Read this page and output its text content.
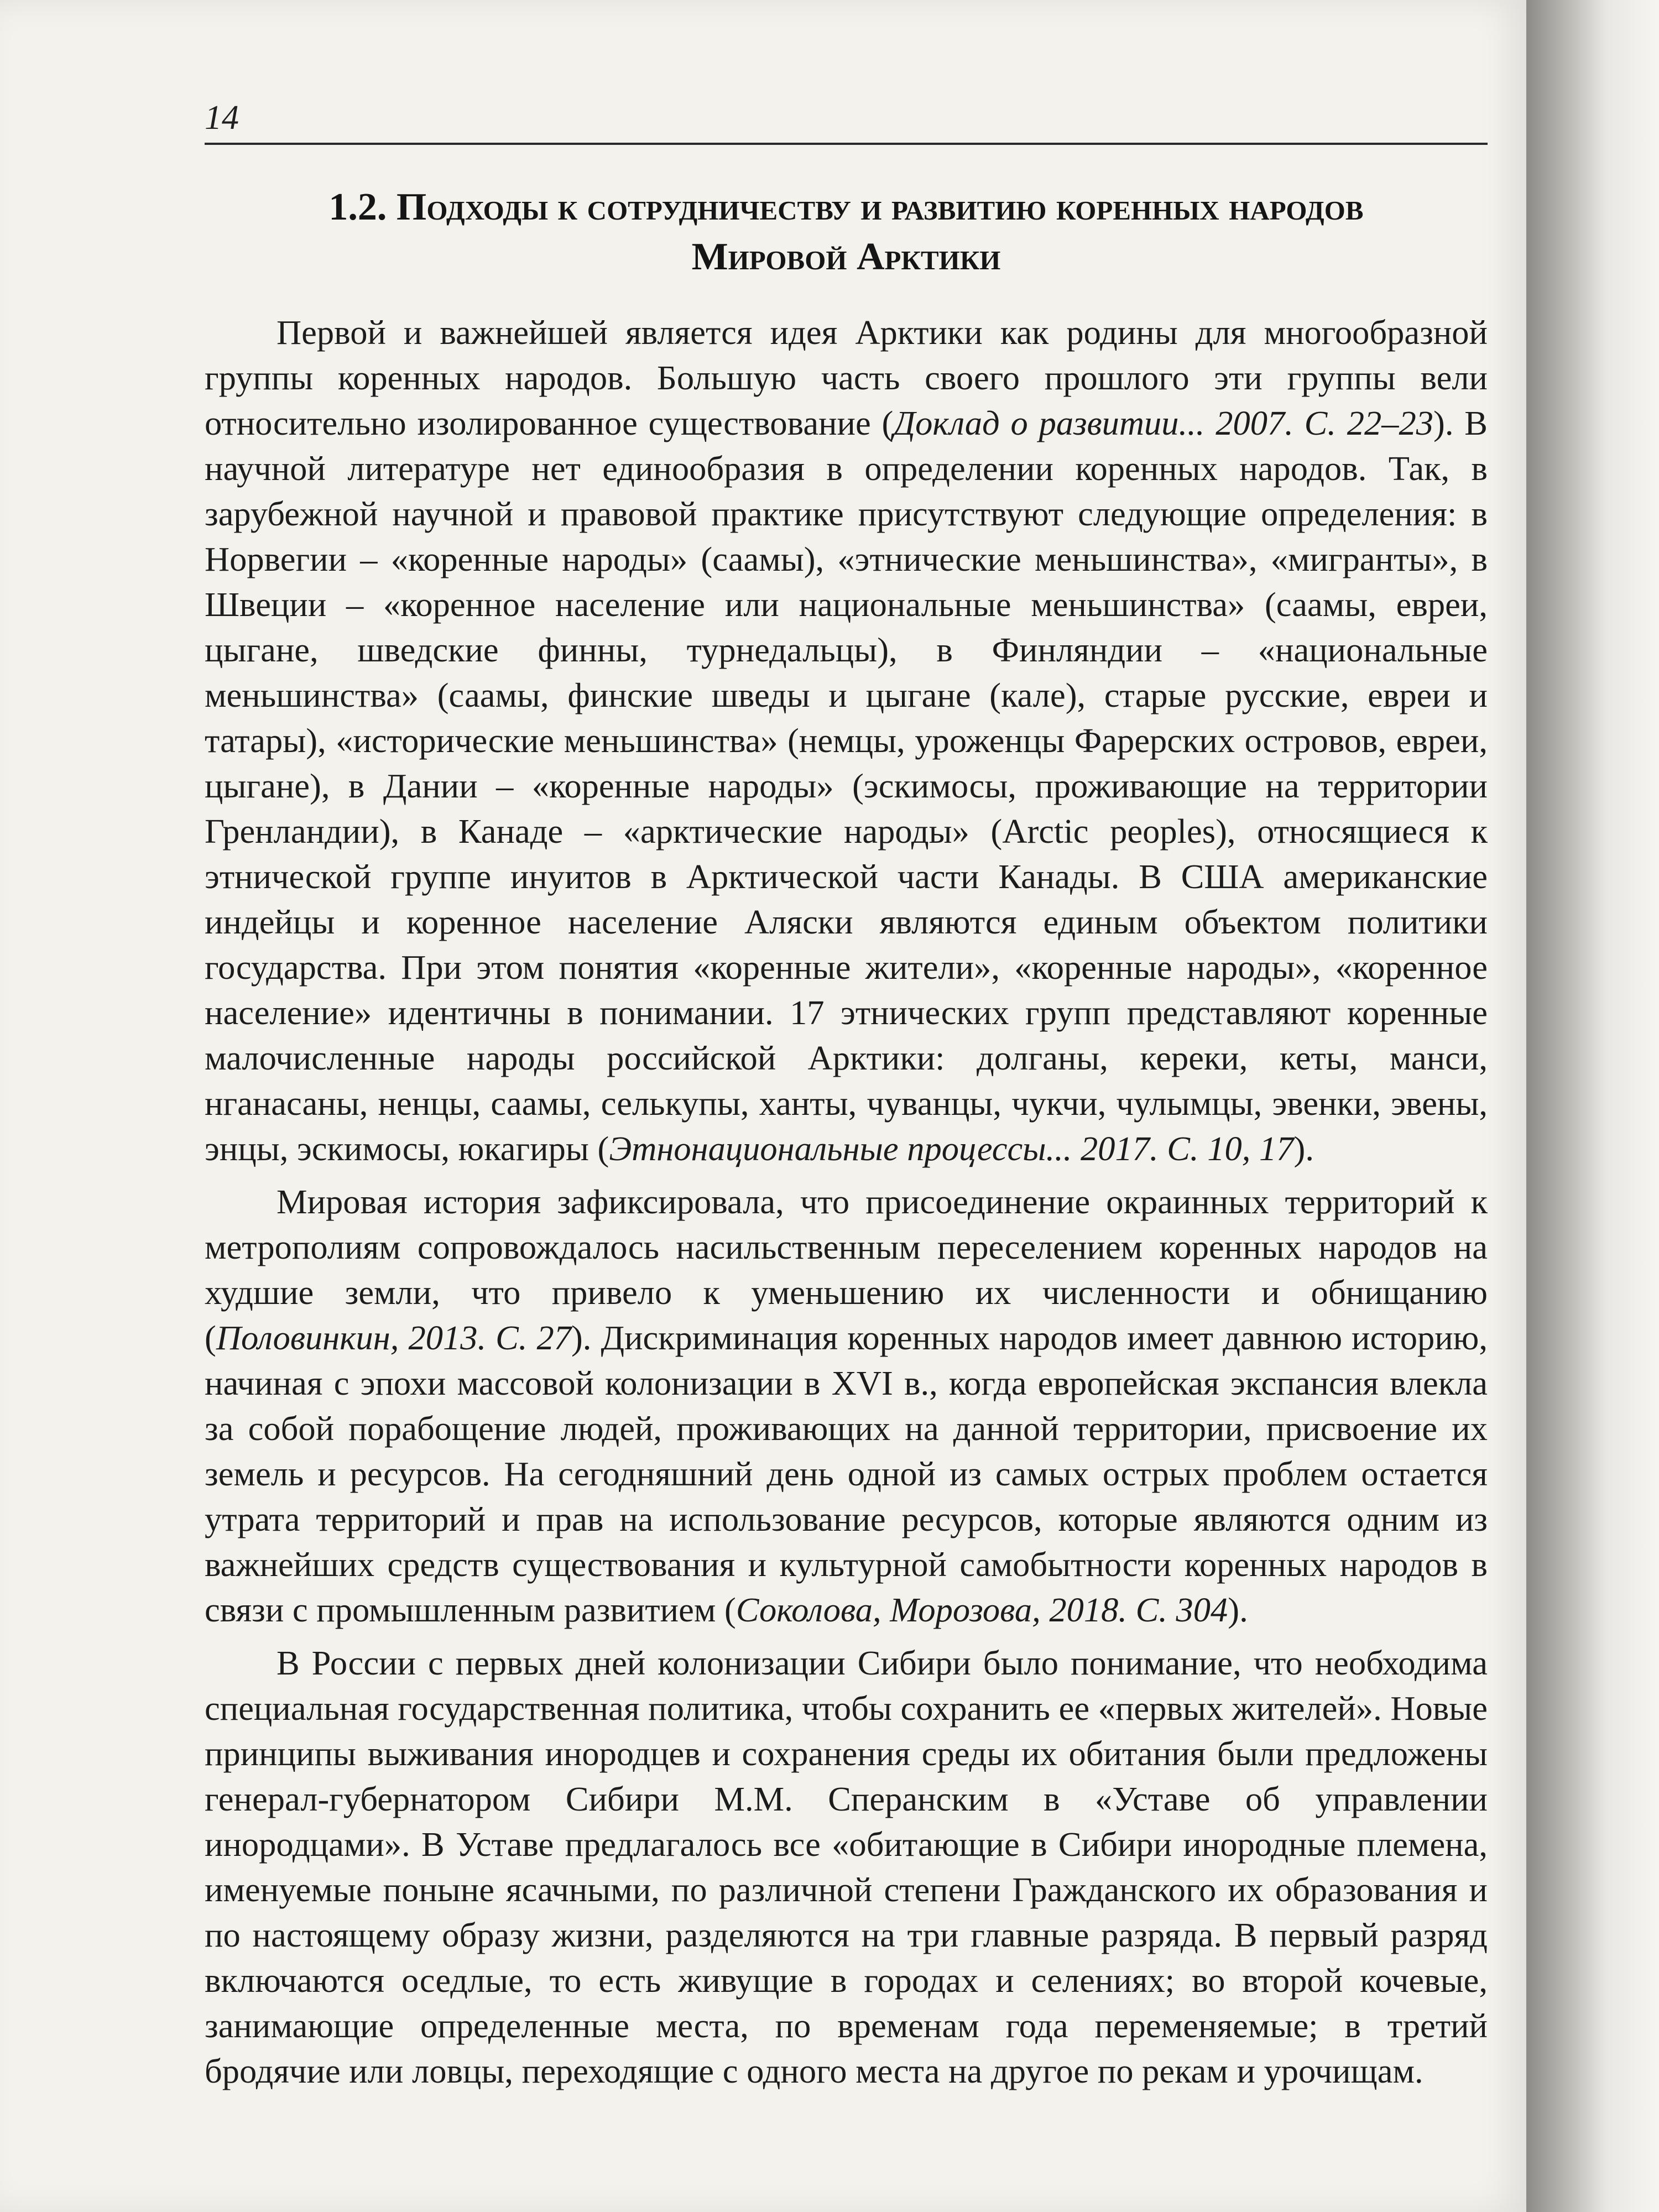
14
1.2. Подходы к сотрудничеству и развитию коренных народов
Мировой Арктики

Первой и важнейшей является идея Арктики как родины для многообразной группы коренных народов. Большую часть своего прошлого эти группы вели относительно изолированное существование (Доклад о развитии... 2007. С. 22–23). В научной литературе нет единообразия в определении коренных народов. Так, в зарубежной научной и правовой практике присутствуют следующие определения: в Норвегии – «коренные народы» (саамы), «этнические меньшинства», «мигранты», в Швеции – «коренное население или национальные меньшинства» (саамы, евреи, цыгане, шведские финны, турнедальцы), в Финляндии – «национальные меньшинства» (саамы, финские шведы и цыгане (кале), старые русские, евреи и татары), «исторические меньшинства» (немцы, уроженцы Фарерских островов, евреи, цыгане), в Дании – «коренные народы» (эскимосы, проживающие на территории Гренландии), в Канаде – «арктические народы» (Arctic peoples), относящиеся к этнической группе инуитов в Арктической части Канады. В США американские индейцы и коренное население Аляски являются единым объектом политики государства. При этом понятия «коренные жители», «коренные народы», «коренное население» идентичны в понимании. 17 этнических групп представляют коренные малочисленные народы российской Арктики: долганы, кереки, кеты, манси, нганасаны, ненцы, саамы, селькупы, ханты, чуванцы, чукчи, чулымцы, эвенки, эвены, энцы, эскимосы, юкагиры (Этнонациональные процессы... 2017. С. 10, 17).

Мировая история зафиксировала, что присоединение окраинных территорий к метрополиям сопровождалось насильственным переселением коренных народов на худшие земли, что привело к уменьшению их численности и обнищанию (Половинкин, 2013. С. 27). Дискриминация коренных народов имеет давнюю историю, начиная с эпохи массовой колонизации в XVI в., когда европейская экспансия влекла за собой порабощение людей, проживающих на данной территории, присвоение их земель и ресурсов. На сегодняшний день одной из самых острых проблем остается утрата территорий и прав на использование ресурсов, которые являются одним из важнейших средств существования и культурной самобытности коренных народов в связи с промышленным развитием (Соколова, Морозова, 2018. С. 304).

В России с первых дней колонизации Сибири было понимание, что необходима специальная государственная политика, чтобы сохранить ее «первых жителей». Новые принципы выживания инородцев и сохранения среды их обитания были предложены генерал-губернатором Сибири М.М. Сперанским в «Уставе об управлении инородцами». В Уставе предлагалось все «обитающие в Сибири инородные племена, именуемые поныне ясачными, по различной степени Гражданского их образования и по настоящему образу жизни, разделяются на три главные разряда. В первый разряд включаются оседлые, то есть живущие в городах и селениях; во второй кочевые, занимающие определенные места, по временам года переменяемые; в третий бродячие или ловцы, переходящие с одного места на другое по рекам и урочищам.
